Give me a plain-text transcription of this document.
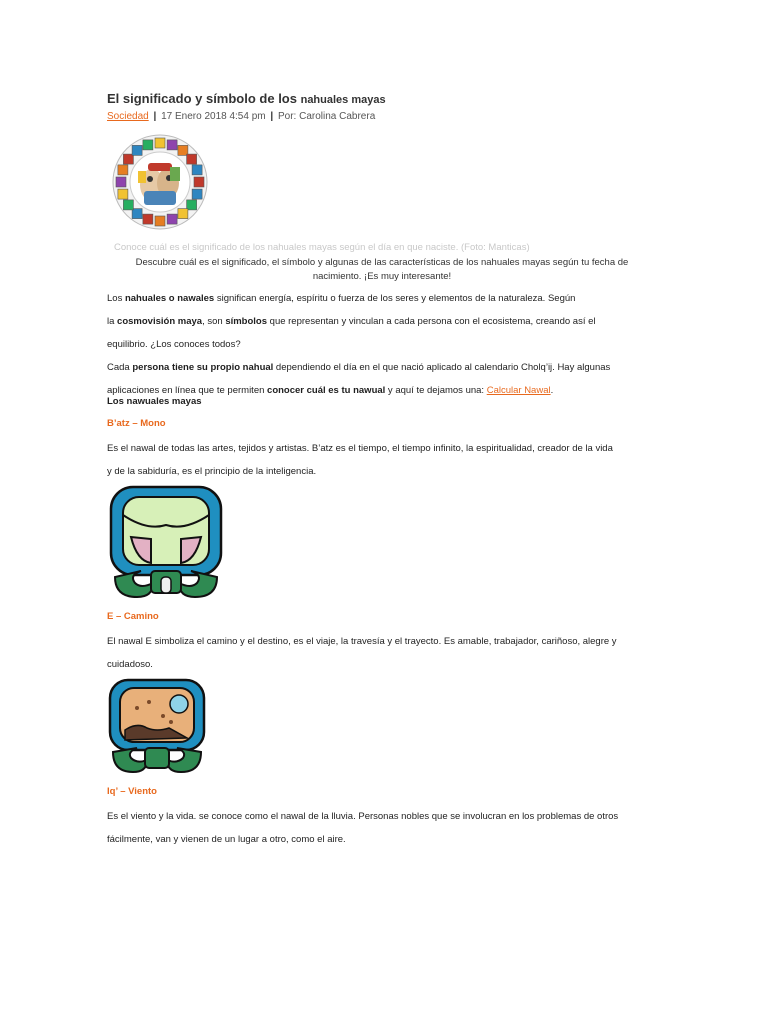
El significado y símbolo de los nahuales mayas
Sociedad | 17 Enero 2018 4:54 pm | Por: Carolina Cabrera
Conoce cuál es el significado de los nahuales mayas según el día en que naciste. (Foto: Manticas)
Descubre cuál es el significado, el símbolo y algunas de las características de los nahuales mayas según tu fecha de
nacimiento. ¡Es muy interesante!

Los nahuales o nawales significan energía, espíritu o fuerza de los seres y elementos de la naturaleza. Según

la cosmovisión maya, son símbolos que representan y vinculan a cada persona con el ecosistema, creando así el

equilibrio. ¿Los conoces todos?

Cada persona tiene su propio nahual dependiendo el día en el que nació aplicado al calendario Cholq’ij. Hay algunas

aplicaciones en línea que te permiten conocer cuál es tu nawual y aquí te dejamos una: Calcular Nawal.

Los nawuales mayas
B’atz – Mono

Es el nawal de todas las artes, tejidos y artistas. B’atz es el tiempo, el tiempo infinito, la espiritualidad, creador de la vida
y de la sabiduría, es el principio de la inteligencia.

E – Camino

El nawal E simboliza el camino y el destino, es el viaje, la travesía y el trayecto. Es amable, trabajador, cariñoso, alegre y
cuidadoso.

Iq’ – Viento

Es el viento y la vida. se conoce como el nawal de la lluvia. Personas nobles que se involucran en los problemas de otros
fácilmente, van y vienen de un lugar a otro, como el aire.
